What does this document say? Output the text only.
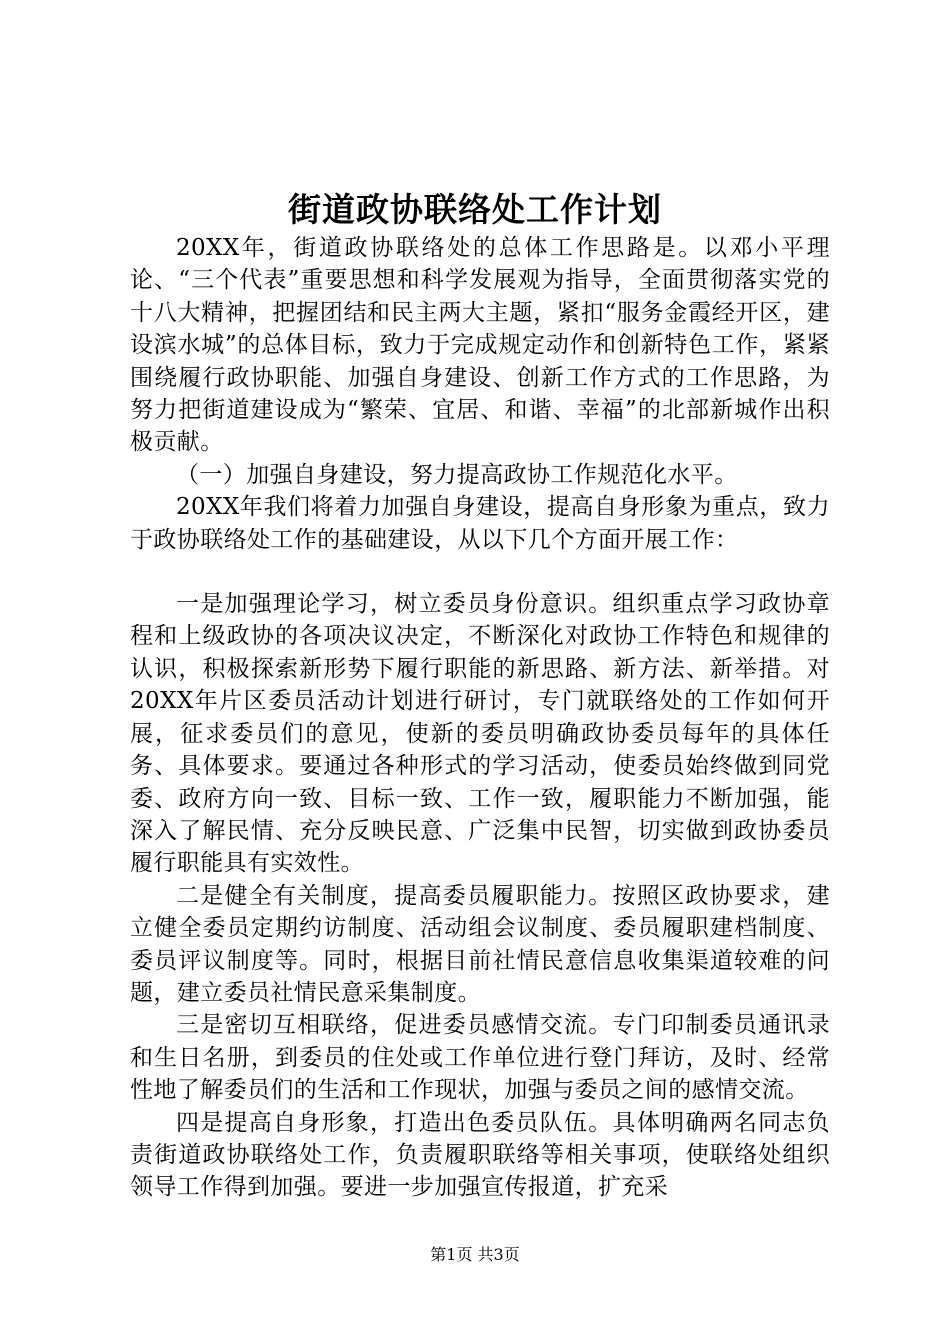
街道政协联络处工作计划

20XX年，街道政协联络处的总体工作思路是。以邓小平理论、“三个代表”重要思想和科学发展观为指导，全面贯彻落实党的十八大精神，把握团结和民主两大主题，紧扣“服务金霞经开区，建设滨水城”的总体目标，致力于完成规定动作和创新特色工作，紧紧围绕履行政协职能、加强自身建设、创新工作方式的工作思路，为努力把街道建设成为“繁荣、宜居、和谐、幸福”的北部新城作出积极贡献。

（一）加强自身建设，努力提高政协工作规范化水平。

20XX年我们将着力加强自身建设，提高自身形象为重点，致力于政协联络处工作的基础建设，从以下几个方面开展工作：

一是加强理论学习，树立委员身份意识。组织重点学习政协章程和上级政协的各项决议决定，不断深化对政协工作特色和规律的认识，积极探索新形势下履行职能的新思路、新方法、新举措。对20XX年片区委员活动计划进行研讨，专门就联络处的工作如何开展，征求委员们的意见，使新的委员明确政协委员每年的具体任务、具体要求。要通过各种形式的学习活动，使委员始终做到同党委、政府方向一致、目标一致、工作一致，履职能力不断加强，能深入了解民情、充分反映民意、广泛集中民智，切实做到政协委员履行职能具有实效性。

二是健全有关制度，提高委员履职能力。按照区政协要求，建立健全委员定期约访制度、活动组会议制度、委员履职建档制度、委员评议制度等。同时，根据目前社情民意信息收集渠道较难的问题，建立委员社情民意采集制度。

三是密切互相联络，促进委员感情交流。专门印制委员通讯录和生日名册，到委员的住处或工作单位进行登门拜访，及时、经常性地了解委员们的生活和工作现状，加强与委员之间的感情交流。

四是提高自身形象，打造出色委员队伍。具体明确两名同志负责街道政协联络处工作，负责履职联络等相关事项，使联络处组织领导工作得到加强。要进一步加强宣传报道，扩充采

第1页 共3页
